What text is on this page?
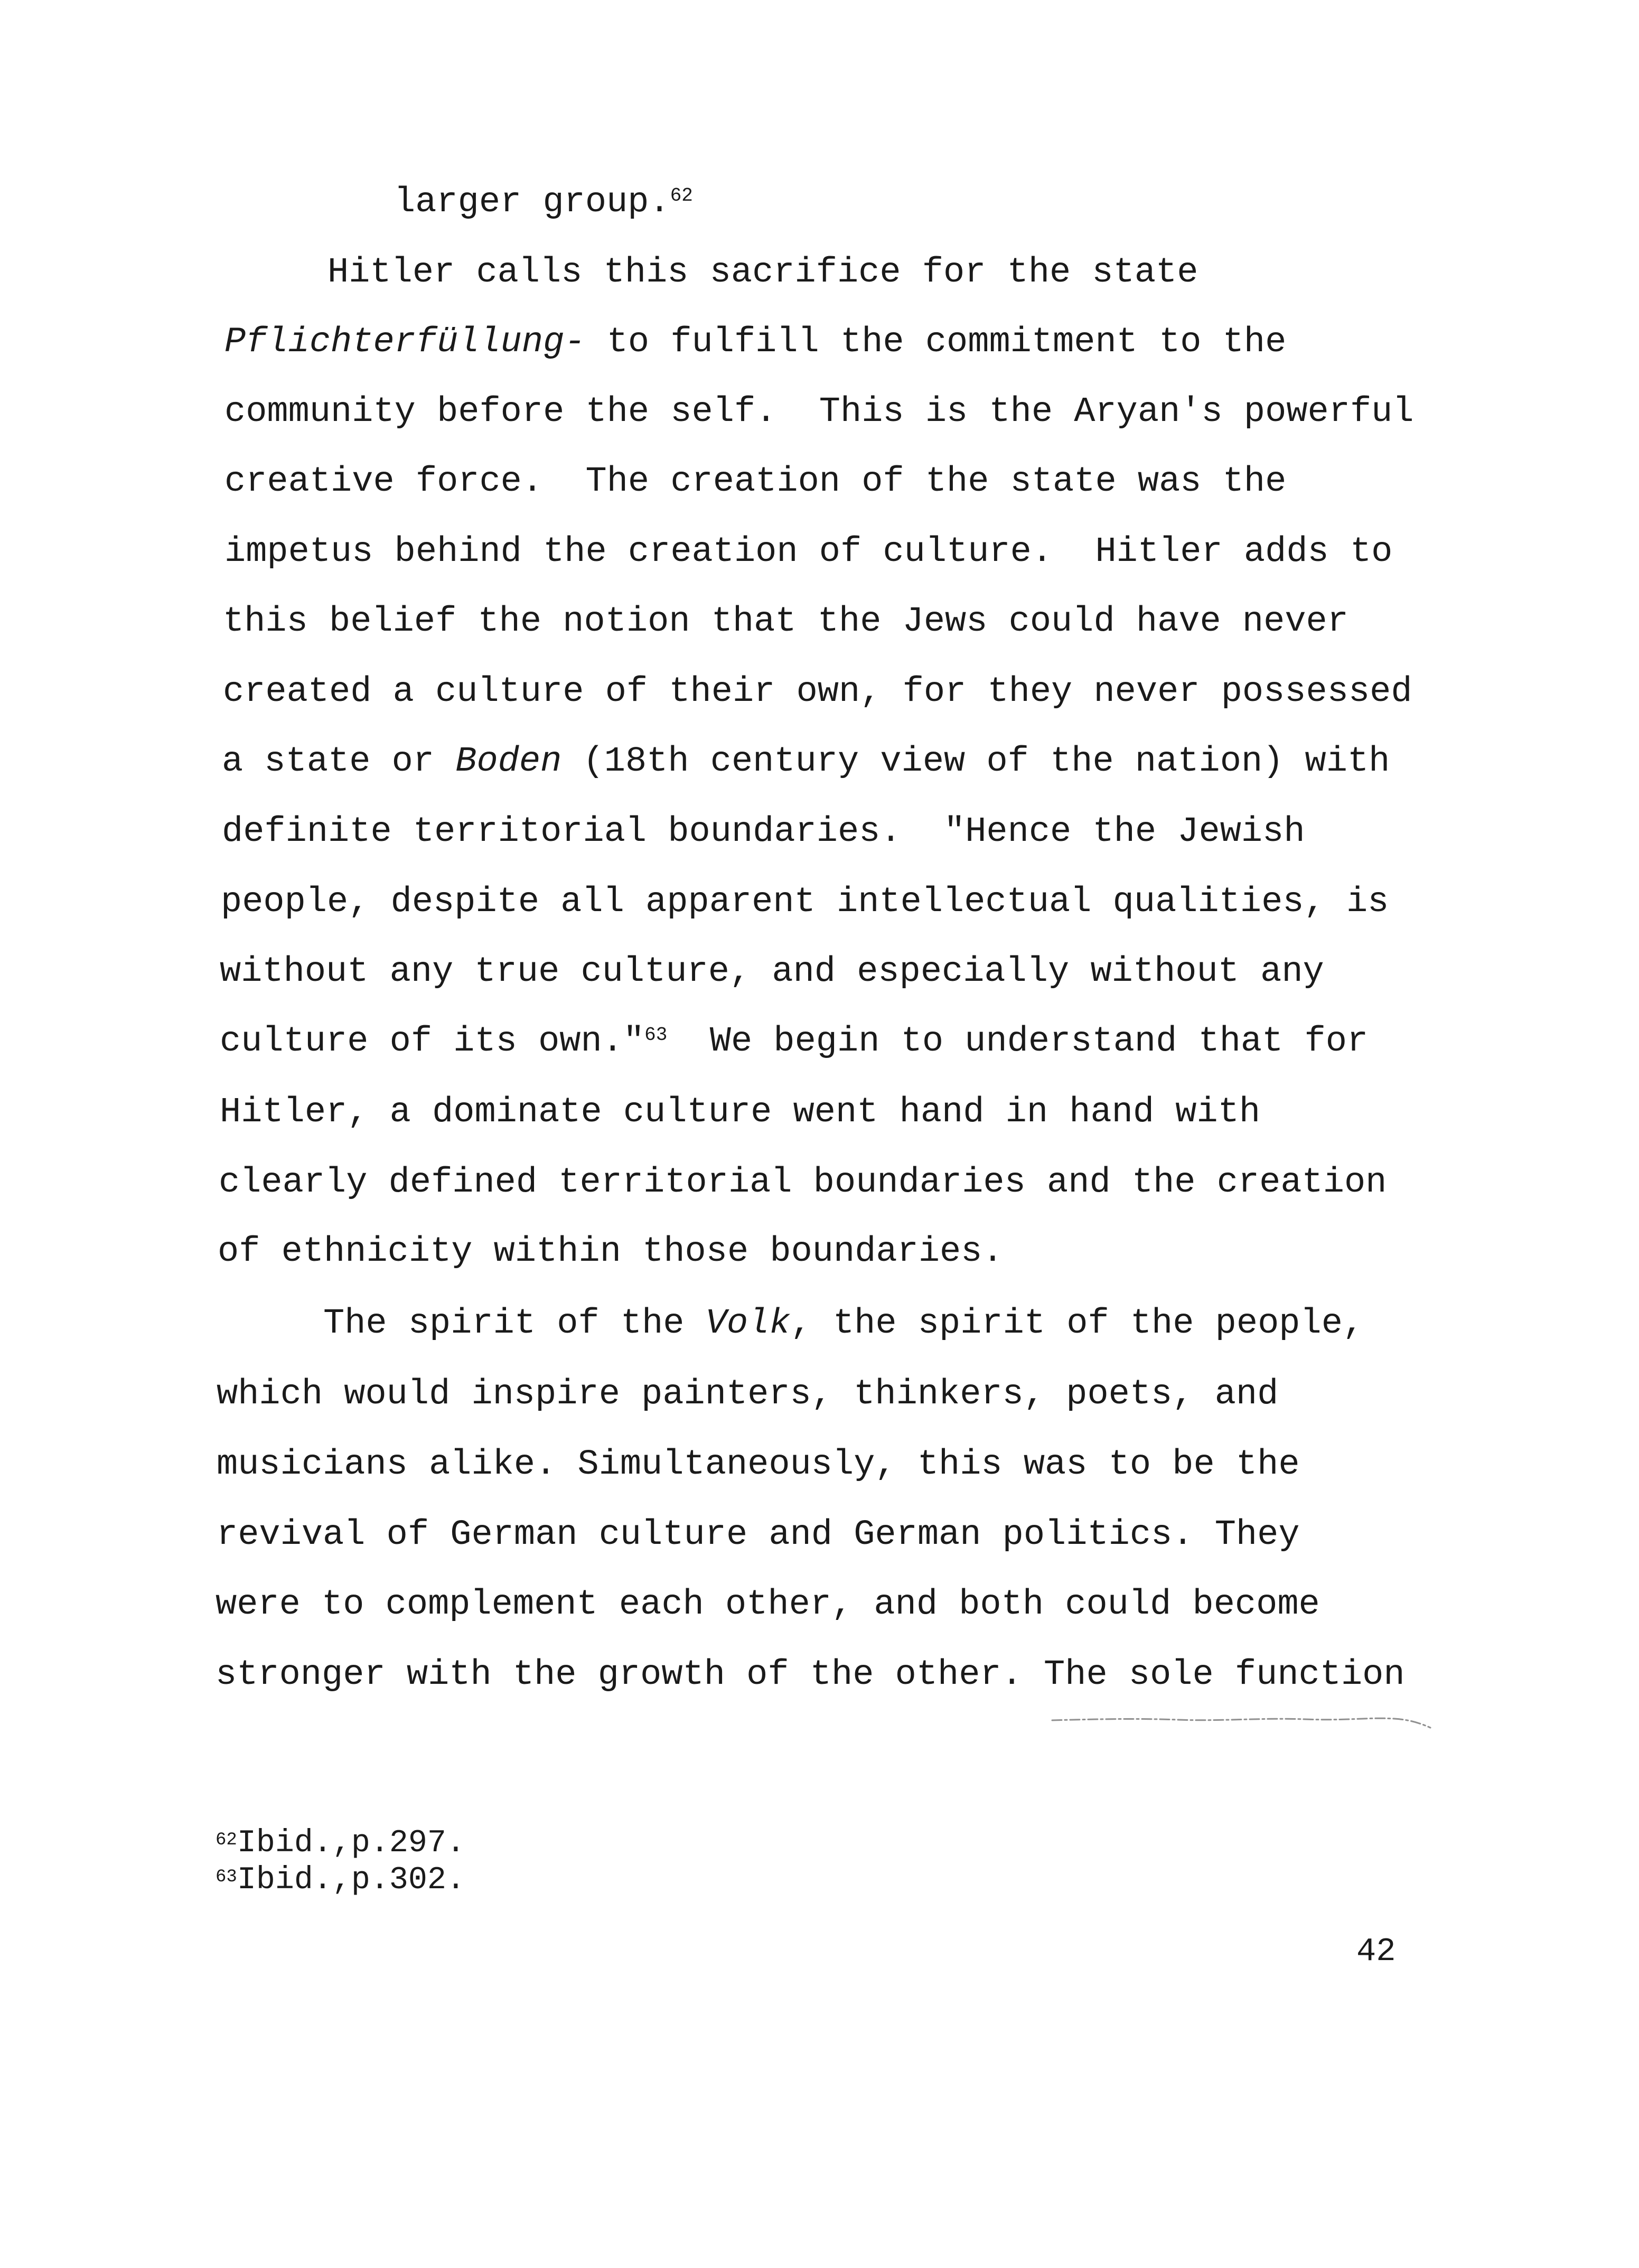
larger group.$^{62}$
Hitler calls this sacrifice for the state
Pflichterfüllung- to fulfill the commitment to the
community before the self.  This is the Aryan's powerful
creative force.  The creation of the state was the
impetus behind the creation of culture.  Hitler adds to
this belief the notion that the Jews could have never
created a culture of their own, for they never possessed
a state or Boden (18th century view of the nation) with
definite territorial boundaries.  "Hence the Jewish
people, despite all apparent intellectual qualities, is
without any true culture, and especially without any
culture of its own."$^{63}$  We begin to understand that for
Hitler, a dominate culture went hand in hand with
clearly defined territorial boundaries and the creation
of ethnicity within those boundaries.
The spirit of the Volk, the spirit of the people,
which would inspire painters, thinkers, poets, and
musicians alike. Simultaneously, this was to be the
revival of German culture and German politics. They
were to complement each other, and both could become
stronger with the growth of the other. The sole function
$^{62}$Ibid.,p.297.
$^{63}$Ibid.,p.302.
42
